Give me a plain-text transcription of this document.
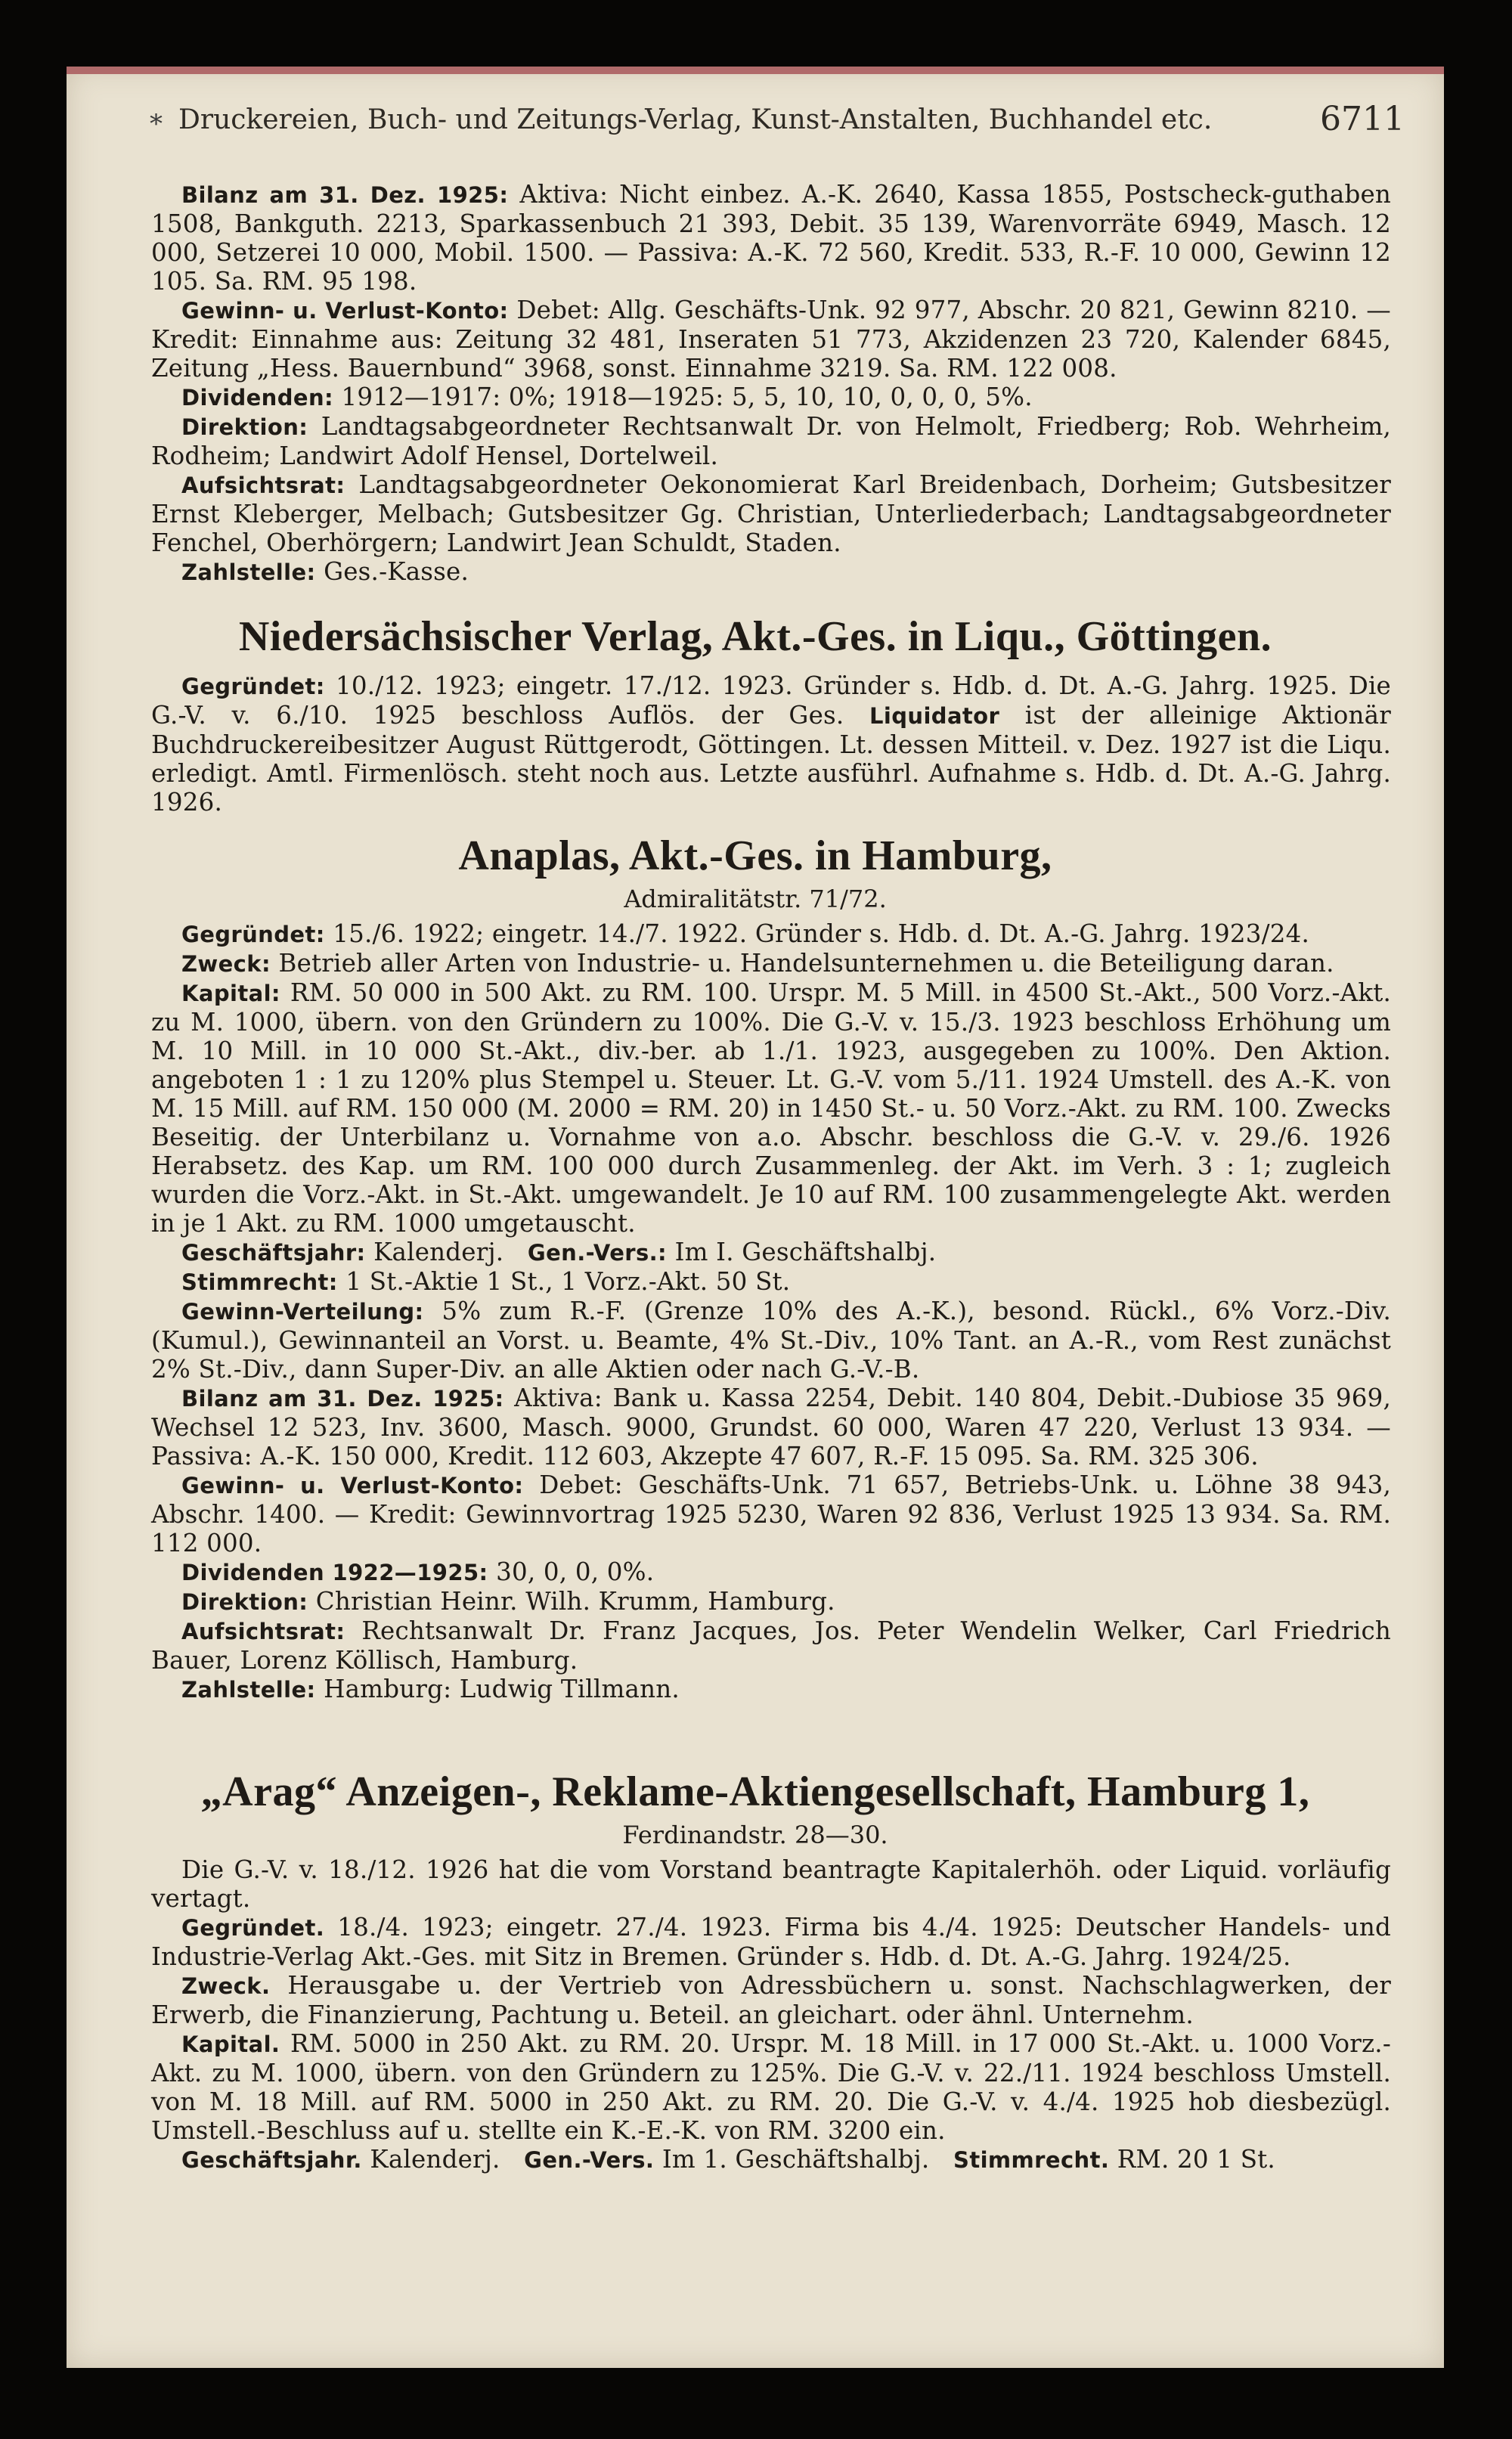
* Druckereien, Buch- und Zeitungs-Verlag, Kunst-Anstalten, Buchhandel etc.	6711

Bilanz am 31. Dez. 1925: Aktiva: Nicht einbez. A.-K. 2640, Kassa 1855, Postscheck-guthaben 1508, Bankguth. 2213, Sparkassenbuch 21 393, Debit. 35 139, Warenvorräte 6949, Masch. 12 000, Setzerei 10 000, Mobil. 1500. — Passiva: A.-K. 72 560, Kredit. 533, R.-F. 10 000, Gewinn 12 105. Sa. RM. 95 198.

Gewinn- u. Verlust-Konto: Debet: Allg. Geschäfts-Unk. 92 977, Abschr. 20 821, Gewinn 8210. — Kredit: Einnahme aus: Zeitung 32 481, Inseraten 51 773, Akzidenzen 23 720, Kalender 6845, Zeitung „Hess. Bauernbund“ 3968, sonst. Einnahme 3219. Sa. RM. 122 008.

Dividenden: 1912—1917: 0%; 1918—1925: 5, 5, 10, 10, 0, 0, 0, 5%.

Direktion: Landtagsabgeordneter Rechtsanwalt Dr. von Helmolt, Friedberg; Rob. Wehrheim, Rodheim; Landwirt Adolf Hensel, Dortelweil.

Aufsichtsrat: Landtagsabgeordneter Oekonomierat Karl Breidenbach, Dorheim; Gutsbesitzer Ernst Kleberger, Melbach; Gutsbesitzer Gg. Christian, Unterliederbach; Landtagsabgeordneter Fenchel, Oberhörgern; Landwirt Jean Schuldt, Staden.

Zahlstelle: Ges.-Kasse.

Niedersächsischer Verlag, Akt.-Ges. in Liqu., Göttingen.

Gegründet: 10./12. 1923; eingetr. 17./12. 1923. Gründer s. Hdb. d. Dt. A.-G. Jahrg. 1925. Die G.-V. v. 6./10. 1925 beschloss Auflös. der Ges. Liquidator ist der alleinige Aktionär Buchdruckereibesitzer August Rüttgerodt, Göttingen. Lt. dessen Mitteil. v. Dez. 1927 ist die Liqu. erledigt. Amtl. Firmenlösch. steht noch aus. Letzte ausführl. Aufnahme s. Hdb. d. Dt. A.-G. Jahrg. 1926.

Anaplas, Akt.-Ges. in Hamburg,

Admiralitätstr. 71/72.

Gegründet: 15./6. 1922; eingetr. 14./7. 1922. Gründer s. Hdb. d. Dt. A.-G. Jahrg. 1923/24.

Zweck: Betrieb aller Arten von Industrie- u. Handelsunternehmen u. die Beteiligung daran.

Kapital: RM. 50 000 in 500 Akt. zu RM. 100. Urspr. M. 5 Mill. in 4500 St.-Akt., 500 Vorz.-Akt. zu M. 1000, übern. von den Gründern zu 100%. Die G.-V. v. 15./3. 1923 beschloss Erhöhung um M. 10 Mill. in 10 000 St.-Akt., div.-ber. ab 1./1. 1923, ausgegeben zu 100%. Den Aktion. angeboten 1 : 1 zu 120% plus Stempel u. Steuer. Lt. G.-V. vom 5./11. 1924 Umstell. des A.-K. von M. 15 Mill. auf RM. 150 000 (M. 2000 = RM. 20) in 1450 St.- u. 50 Vorz.-Akt. zu RM. 100. Zwecks Beseitig. der Unterbilanz u. Vornahme von a.o. Abschr. beschloss die G.-V. v. 29./6. 1926 Herabsetz. des Kap. um RM. 100 000 durch Zusammenleg. der Akt. im Verh. 3 : 1; zugleich wurden die Vorz.-Akt. in St.-Akt. umgewandelt. Je 10 auf RM. 100 zusammengelegte Akt. werden in je 1 Akt. zu RM. 1000 umgetauscht.

Geschäftsjahr: Kalenderj. Gen.-Vers.: Im I. Geschäftshalbj.

Stimmrecht: 1 St.-Aktie 1 St., 1 Vorz.-Akt. 50 St.

Gewinn-Verteilung: 5% zum R.-F. (Grenze 10% des A.-K.), besond. Rückl., 6% Vorz.-Div. (Kumul.), Gewinnanteil an Vorst. u. Beamte, 4% St.-Div., 10% Tant. an A.-R., vom Rest zunächst 2% St.-Div., dann Super-Div. an alle Aktien oder nach G.-V.-B.

Bilanz am 31. Dez. 1925: Aktiva: Bank u. Kassa 2254, Debit. 140 804, Debit.-Dubiose 35 969, Wechsel 12 523, Inv. 3600, Masch. 9000, Grundst. 60 000, Waren 47 220, Verlust 13 934. — Passiva: A.-K. 150 000, Kredit. 112 603, Akzepte 47 607, R.-F. 15 095. Sa. RM. 325 306.

Gewinn- u. Verlust-Konto: Debet: Geschäfts-Unk. 71 657, Betriebs-Unk. u. Löhne 38 943, Abschr. 1400. — Kredit: Gewinnvortrag 1925 5230, Waren 92 836, Verlust 1925 13 934. Sa. RM. 112 000.

Dividenden 1922—1925: 30, 0, 0, 0%.

Direktion: Christian Heinr. Wilh. Krumm, Hamburg.

Aufsichtsrat: Rechtsanwalt Dr. Franz Jacques, Jos. Peter Wendelin Welker, Carl Friedrich Bauer, Lorenz Köllisch, Hamburg.

Zahlstelle: Hamburg: Ludwig Tillmann.

„Arag“ Anzeigen-, Reklame-Aktiengesellschaft, Hamburg 1,

Ferdinandstr. 28—30.

Die G.-V. v. 18./12. 1926 hat die vom Vorstand beantragte Kapitalerhöh. oder Liquid. vorläufig vertagt.

Gegründet. 18./4. 1923; eingetr. 27./4. 1923. Firma bis 4./4. 1925: Deutscher Handels- und Industrie-Verlag Akt.-Ges. mit Sitz in Bremen. Gründer s. Hdb. d. Dt. A.-G. Jahrg. 1924/25.

Zweck. Herausgabe u. der Vertrieb von Adressbüchern u. sonst. Nachschlagwerken, der Erwerb, die Finanzierung, Pachtung u. Beteil. an gleichart. oder ähnl. Unternehm.

Kapital. RM. 5000 in 250 Akt. zu RM. 20. Urspr. M. 18 Mill. in 17 000 St.-Akt. u. 1000 Vorz.-Akt. zu M. 1000, übern. von den Gründern zu 125%. Die G.-V. v. 22./11. 1924 beschloss Umstell. von M. 18 Mill. auf RM. 5000 in 250 Akt. zu RM. 20. Die G.-V. v. 4./4. 1925 hob diesbezügl. Umstell.-Beschluss auf u. stellte ein K.-E.-K. von RM. 3200 ein.

Geschäftsjahr. Kalenderj. Gen.-Vers. Im 1. Geschäftshalbj. Stimmrecht. RM. 20 1 St.
